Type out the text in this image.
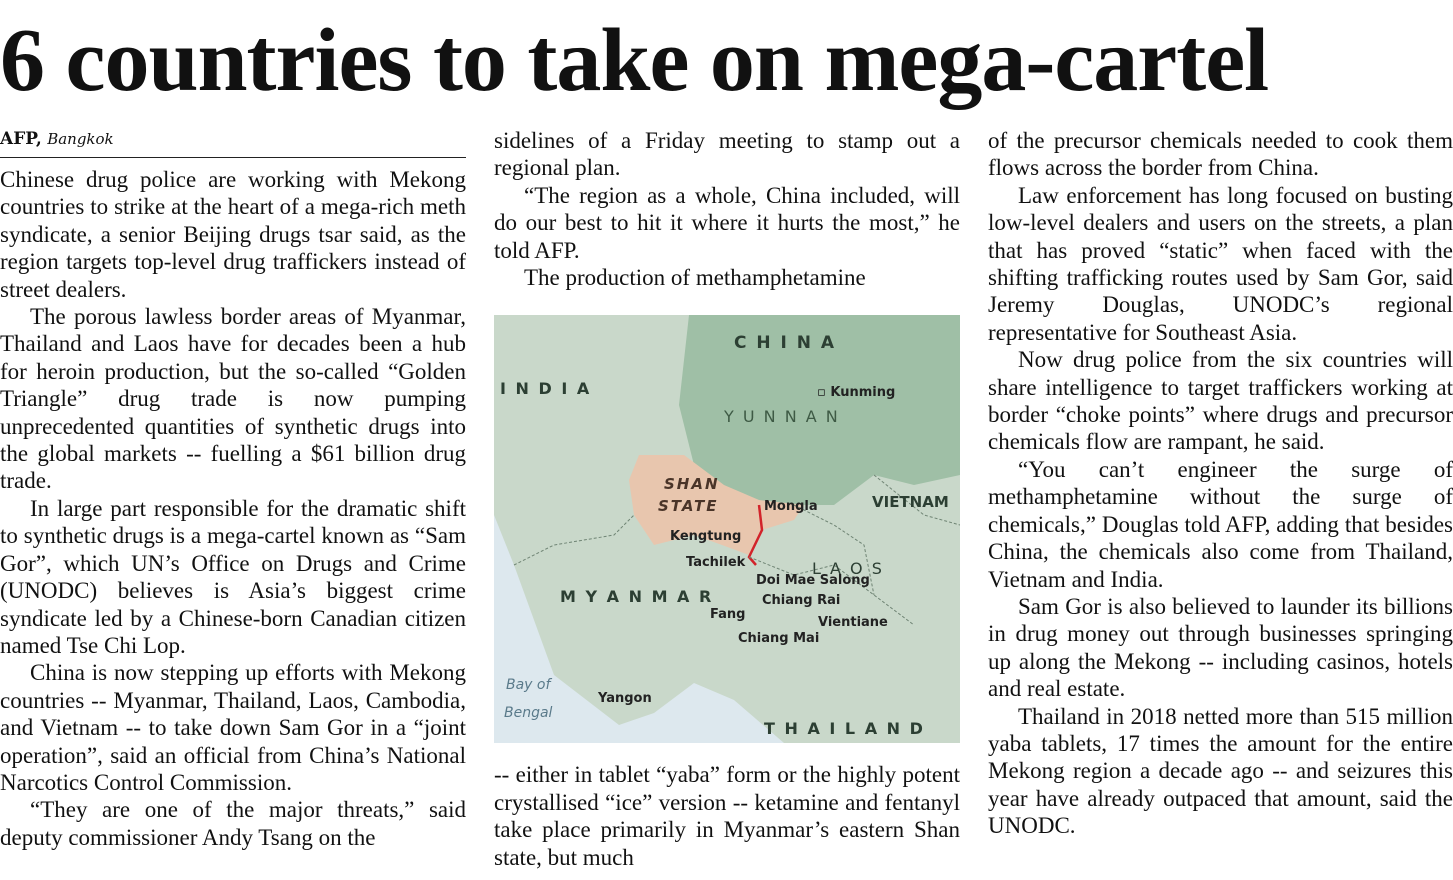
6 countries to take on mega-cartel
AFP, Bangkok

Chinese drug police are working with Mekong countries to strike at the heart of a mega-rich meth syndicate, a senior Beijing drugs tsar said, as the region targets top-level drug traffickers instead of street dealers.

The porous lawless border areas of Myanmar, Thailand and Laos have for decades been a hub for heroin production, but the so-called “Golden Triangle” drug trade is now pumping unprecedented quantities of synthetic drugs into the global markets -- fuelling a $61 billion drug trade.

In large part responsible for the dramatic shift to synthetic drugs is a mega-cartel known as “Sam Gor”, which UN’s Office on Drugs and Crime (UNODC) believes is Asia’s biggest crime syndicate led by a Chinese-born Canadian citizen named Tse Chi Lop.

China is now stepping up efforts with Mekong countries -- Myanmar, Thailand, Laos, Cambodia, and Vietnam -- to take down Sam Gor in a “joint operation”, said an official from China’s National Narcotics Control Commission.

“They are one of the major threats,” said deputy commissioner Andy Tsang on the

sidelines of a Friday meeting to stamp out a regional plan.

“The region as a whole, China included, will do our best to hit it where it hurts the most,” he told AFP.

The production of methamphetamine

C H I N A
I N D I A
Y U N N A N
VIETNAM
L A O S
M Y A N M A R
T H A I L A N D
SHAN
STATE
Bay of
Bengal
▫ Kunming
Mongla
Kengtung
Tachilek
Doi Mae Salong
Chiang Rai
Fang
Chiang Mai
Vientiane
Yangon

-- either in tablet “yaba” form or the highly potent crystallised “ice” version -- ketamine and fentanyl take place primarily in Myanmar’s eastern Shan state, but much

of the precursor chemicals needed to cook them flows across the border from China.

Law enforcement has long focused on busting low-level dealers and users on the streets, a plan that has proved “static” when faced with the shifting trafficking routes used by Sam Gor, said Jeremy Douglas, UNODC’s regional representative for Southeast Asia.

Now drug police from the six countries will share intelligence to target traffickers working at border “choke points” where drugs and precursor chemicals flow are rampant, he said.

“You can’t engineer the surge of methamphetamine without the surge of chemicals,” Douglas told AFP, adding that besides China, the chemicals also come from Thailand, Vietnam and India.

Sam Gor is also believed to launder its billions in drug money out through businesses springing up along the Mekong -- including casinos, hotels and real estate.

Thailand in 2018 netted more than 515 million yaba tablets, 17 times the amount for the entire Mekong region a decade ago -- and seizures this year have already outpaced that amount, said the UNODC.
